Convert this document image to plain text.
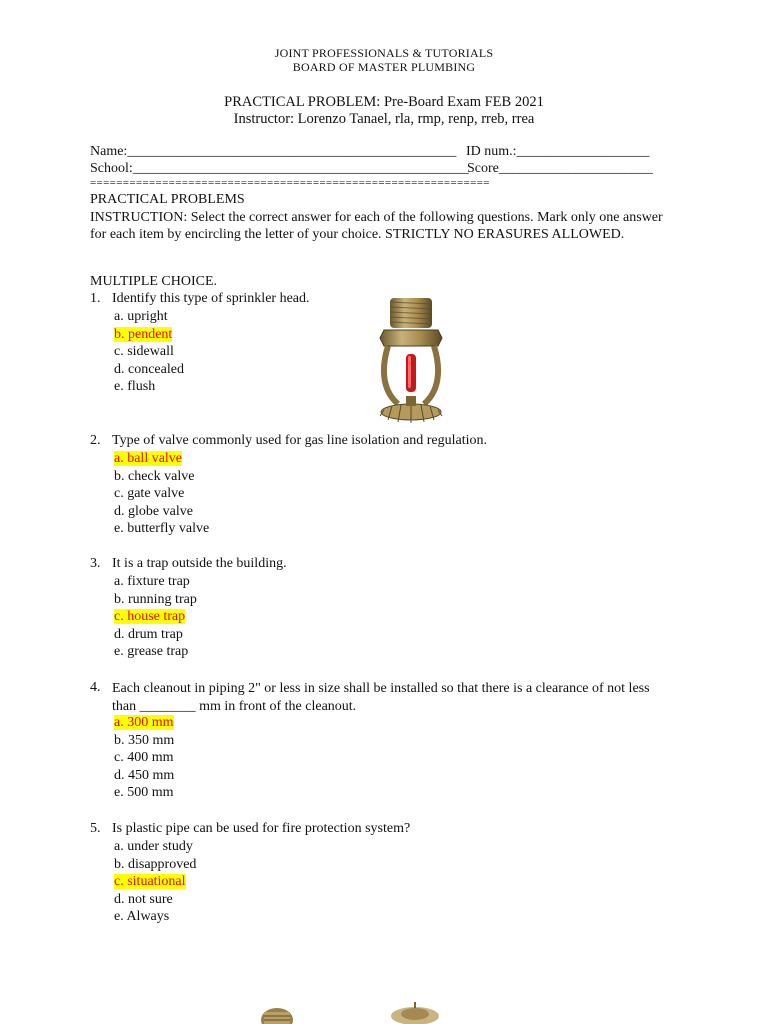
JOINT PROFESSIONALS & TUTORIALS
BOARD OF MASTER PLUMBING
PRACTICAL PROBLEM: Pre-Board Exam FEB 2021
Instructor: Lorenzo Tanael, rla, rmp, renp, rreb, rrea
Name:_______________________________________________ ID num.:___________________
School:________________________________________________
Score______________________
=============================================================
PRACTICAL PROBLEMS
INSTRUCTION: Select the correct answer for each of the following questions. Mark only one answer for each item by encircling the letter of your choice. STRICTLY NO ERASURES ALLOWED.
MULTIPLE CHOICE.
1. Identify this type of sprinkler head.
a. upright
b. pendent
c. sidewall
d. concealed
e. flush
2. Type of valve commonly used for gas line isolation and regulation.
a. ball valve
b. check valve
c. gate valve
d. globe valve
e. butterfly valve
3. It is a trap outside the building.
a. fixture trap
b. running trap
c. house trap
d. drum trap
e. grease trap
4. Each cleanout in piping 2" or less in size shall be installed so that there is a clearance of not less than ________ mm in front of the cleanout.
a. 300 mm
b. 350 mm
c. 400 mm
d. 450 mm
e. 500 mm
5. Is plastic pipe can be used for fire protection system?
a. under study
b. disapproved
c. situational
d. not sure
e. Always
